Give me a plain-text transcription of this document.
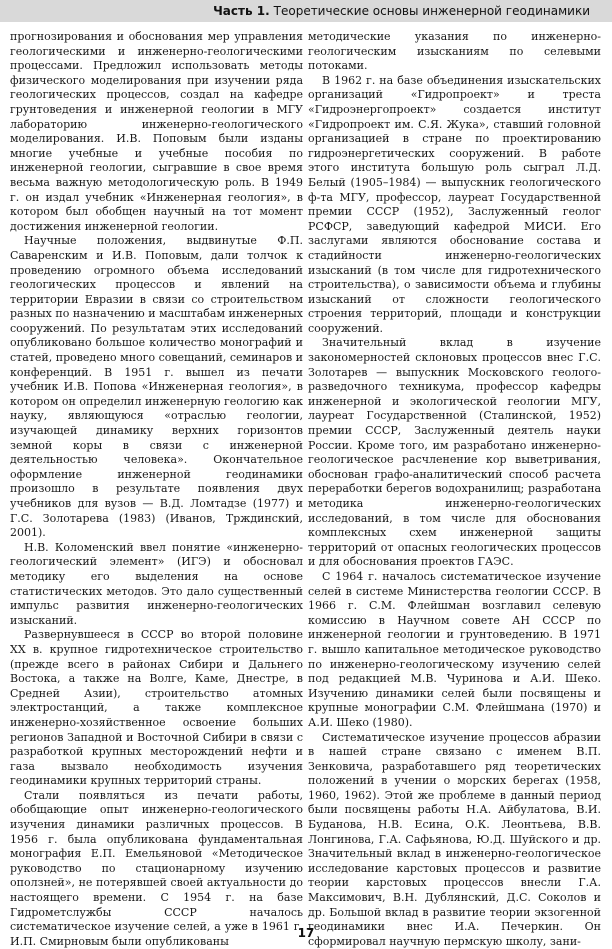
Часть 1. Теоретические основы инженерной геодинамики

прогнозирования и обоснования мер управления геологическими и инженерно-геологическими процессами. Предложил использовать методы физического моделирования при изучении ряда геологических процессов, создал на кафедре грунтоведения и инженерной геологии в МГУ лабораторию инженерно-геологического моделирования. И.В. Поповым были изданы многие учебные и учебные пособия по инженерной геологии, сыгравшие в свое время весьма важную методологическую роль. В 1949 г. он издал учебник «Инженерная геология», в котором был обобщен научный на тот момент достижения инженерной геологии.

Научные положения, выдвинутые Ф.П. Саваренским и И.В. Поповым, дали толчок к проведению огромного объема исследований геологических процессов и явлений на территории Евразии в связи со строительством разных по назначению и масштабам инженерных сооружений. По результатам этих исследований опубликовано большое количество монографий и статей, проведено много совещаний, семинаров и конференций. В 1951 г. вышел из печати учебник И.В. Попова «Инженерная геология», в котором он определил инженерную геологию как науку, являющуюся «отраслью геологии, изучающей динамику верхних горизонтов земной коры в связи с инженерной деятельностью человека». Окончательное оформление инженерной геодинамики произошло в результате появления двух учебников для вузов — В.Д. Ломтадзе (1977) и Г.С. Золотарева (1983) (Иванов, Трждинский, 2001).

Н.В. Коломенский ввел понятие «инженерно-геологический элемент» (ИГЭ) и обосновал методику его выделения на основе статистических методов. Это дало существенный импульс развития инженерно-геологических изысканий.

Развернувшееся в СССР во второй половине XX в. крупное гидротехническое строительство (прежде всего в районах Сибири и Дальнего Востока, а также на Волге, Каме, Днестре, в Средней Азии), строительство атомных электростанций, а также комплексное инженерно-хозяйственное освоение больших регионов Западной и Восточной Сибири в связи с разработкой крупных месторождений нефти и газа вызвало необходимость изучения геодинамики крупных территорий страны.

Стали появляться из печати работы, обобщающие опыт инженерно-геологического изучения динамики различных процессов. В 1956 г. была опубликована фундаментальная монография Е.П. Емельяновой «Методическое руководство по стационарному изучению оползней», не потерявшей своей актуальности до настоящего времени. С 1954 г. на базе Гидрометслужбы СССР началось систематическое изучение селей, а уже в 1961 г. И.П. Смирновым были опубликованы

методические указания по инженерно-геологическим изысканиям по селевыми потоками.

В 1962 г. на базе объединения изыскательских организаций «Гидропроект» и треста «Гидроэнергопроект» создается институт «Гидропроект им. С.Я. Жука», ставший головной организацией в стране по проектированию гидроэнергетических сооружений. В работе этого института большую роль сыграл Л.Д. Белый (1905–1984) — выпускник геологического ф-та МГУ, профессор, лауреат Государственной премии СССР (1952), Заслуженный геолог РСФСР, заведующий кафедрой МИСИ. Его заслугами являются обоснование состава и стадийности инженерно-геологических изысканий (в том числе для гидротехнического строительства), о зависимости объема и глубины изысканий от сложности геологического строения территорий, площади и конструкции сооружений.

Значительный вклад в изучение закономерностей склоновых процессов внес Г.С. Золотарев — выпускник Московского геолого-разведочного техникума, профессор кафедры инженерной и экологической геологии МГУ, лауреат Государственной (Сталинской, 1952) премии СССР, Заслуженный деятель науки России. Кроме того, им разработано инженерно-геологическое расчленение кор выветривания, обоснован графо-аналитический способ расчета переработки берегов водохранилищ; разработана методика инженерно-геологических исследований, в том числе для обоснования комплексных схем инженерной защиты территорий от опасных геологических процессов и для обоснования проектов ГАЭС.

С 1964 г. началось систематическое изучение селей в системе Министерства геологии СССР. В 1966 г. С.М. Флейшман возглавил селевую комиссию в Научном совете АН СССР по инженерной геологии и грунтоведению. В 1971 г. вышло капитальное методическое руководство по инженерно-геологическому изучению селей под редакцией М.В. Чуринова и А.И. Шеко. Изучению динамики селей были посвящены и крупные монографии С.М. Флейшмана (1970) и А.И. Шеко (1980).

Систематическое изучение процессов абразии в нашей стране связано с именем В.П. Зенковича, разработавшего ряд теоретических положений в учении о морских берегах (1958, 1960, 1962). Этой же проблеме в данный период были посвящены работы Н.А. Айбулатова, В.И. Буданова, Н.В. Есина, О.К. Леонтьева, В.В. Лонгинова, Г.А. Сафьянова, Ю.Д. Шуйского и др. Значительный вклад в инженерно-геологическое исследование карстовых процессов и развитие теории карстовых процессов внесли Г.А. Максимович, В.Н. Дублянский, Д.С. Соколов и др. Большой вклад в развитие теории экзогенной геодинамики внес И.А. Печеркин. Он сформировал научную пермскую школу, зани-

17
